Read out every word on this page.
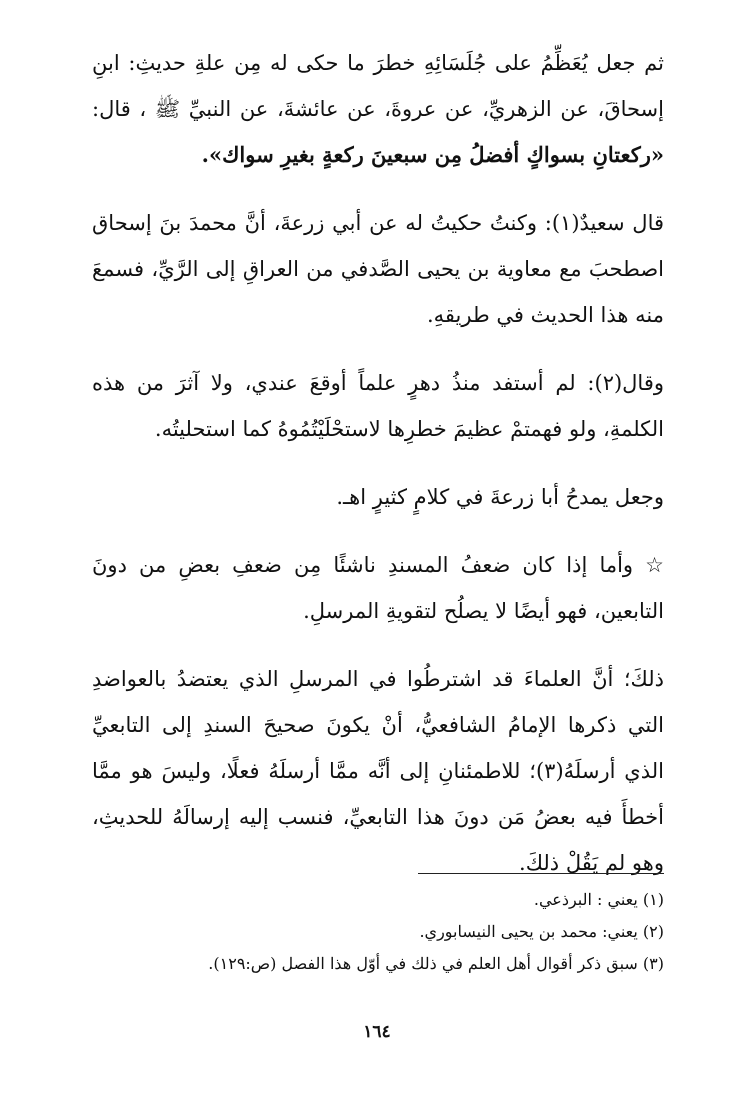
ثم جعل يُعَظِّمُ على جُلَسَائِهِ خطرَ ما حكى له مِن علةِ حديثِ: ابنِ إسحاقَ، عن الزهريِّ، عن عروةَ، عن عائشةَ، عن النبيِّ ﷺ ، قال: «ركعتانِ بسواكٍ أفضلُ مِن سبعينَ ركعةٍ بغيرِ سواك».

قال سعيدٌ(١): وكنتُ حكيتُ له عن أبي زرعةَ، أنَّ محمدَ بنَ إسحاق اصطحبَ مع معاوية بن يحيى الصَّدفي من العراقِ إلى الرَّيِّ، فسمعَ منه هذا الحديث في طريقهِ.

وقال(٢): لم أستفد منذُ دهرٍ علماً أوقعَ عندي، ولا آثرَ من هذه الكلمةِ، ولو فهمتمْ عظيمَ خطرِها لاستحْلَيْتُمُوهُ كما استحليتُه.

وجعل يمدحُ أبا زرعةَ في كلامٍ كثيرٍ اهـ.

☆ وأما إذا كان ضعفُ المسندِ ناشئًا مِن ضعفِ بعضِ من دونَ التابعين، فهو أيضًا لا يصلُح لتقويةِ المرسلِ.

ذلكَ؛ أنَّ العلماءَ قد اشترطُوا في المرسلِ الذي يعتضدُ بالعواضدِ التي ذكرها الإمامُ الشافعيُّ، أنْ يكونَ صحيحَ السندِ إلى التابعيِّ الذي أرسلَهُ(٣)؛ للاطمئنانِ إلى أنَّه ممَّا أرسلَهُ فعلًا، وليسَ هو ممَّا أخطأَ فيه بعضُ مَن دونَ هذا التابعيِّ، فنسب إليه إرسالَهُ للحديثِ، وهو لم يَقُلْ ذلكَ.

(١) يعني : البرذعي.

(٢) يعني: محمد بن يحيى النيسابوري.

(٣) سبق ذكر أقوال أهل العلم في ذلك في أوّل هذا الفصل (ص:١٢٩).

١٦٤
